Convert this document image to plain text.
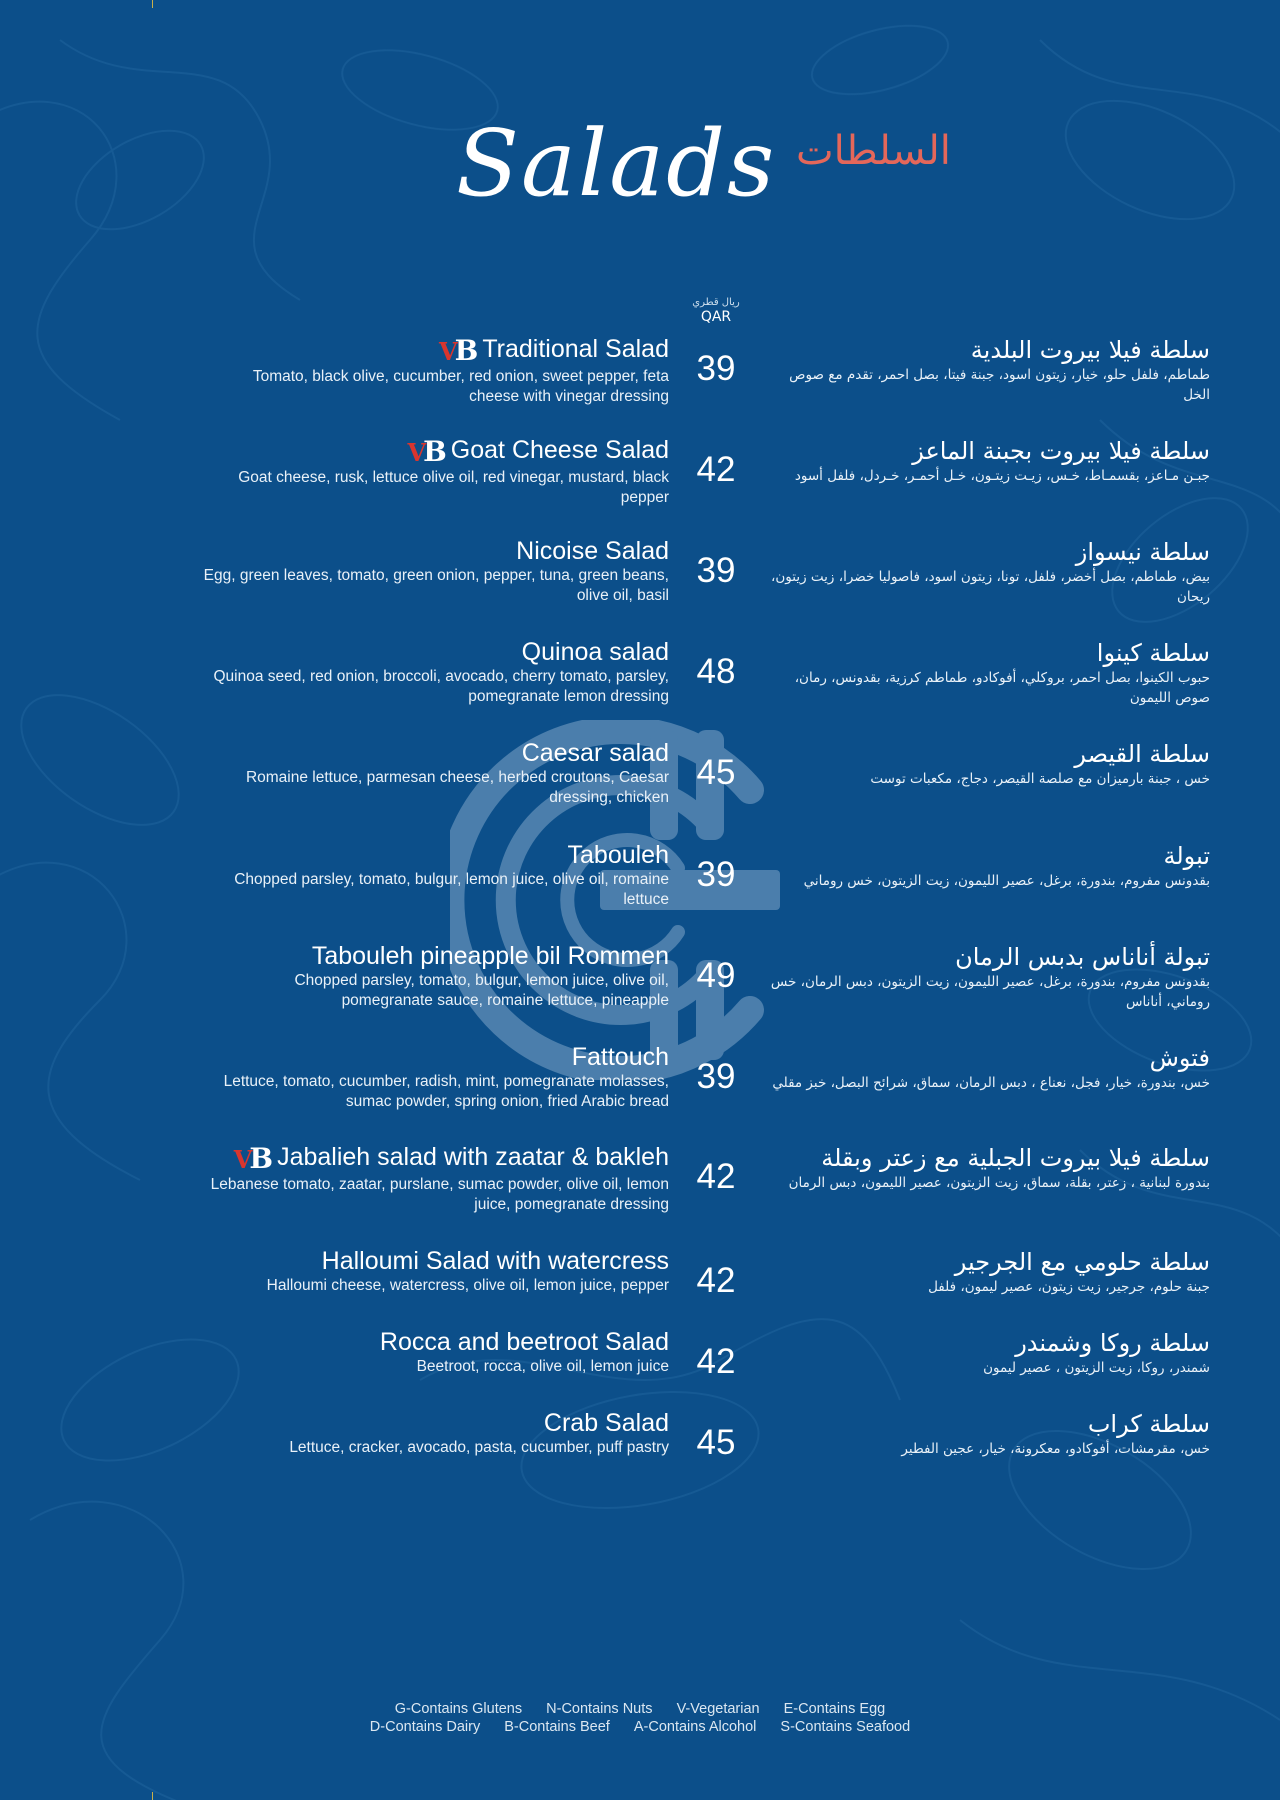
Salads السلطات
ريال قطري
QAR
VB Traditional Salad
Tomato, black olive, cucumber, red onion, sweet pepper, feta cheese with vinegar dressing
39	سلطة فيلا بيروت البلدية
طماطم، فلفل حلو، خيار، زيتون اسود، جبنة فيتا، بصل احمر، تقدم مع صوص الخل
VB Goat Cheese Salad
Goat cheese, rusk, lettuce olive oil, red vinegar, mustard, black pepper
42	سلطة فيلا بيروت بجبنة الماعز
جبـن مـاعز، بقسمـاط، خـس، زيـت زيتـون، خـل أحمـر، خـردل، فلفل أسود
Nicoise Salad
Egg, green leaves, tomato, green onion, pepper, tuna, green beans, olive oil, basil
39	سلطة نيسواز
بيض، طماطم، بصل أخضر، فلفل، تونا، زيتون اسود، فاصوليا خضرا، زيت زيتون، ريحان
Quinoa salad
Quinoa seed, red onion, broccoli, avocado, cherry tomato, parsley, pomegranate lemon dressing
48	سلطة كينوا
حبوب الكينوا، بصل احمر، بروكلي، أفوكادو، طماطم كرزية، بقدونس، رمان، صوص الليمون
Caesar salad
Romaine lettuce, parmesan cheese, herbed croutons, Caesar dressing, chicken
45	سلطة القيصر
خس ، جبنة بارميزان مع صلصة القيصر، دجاج، مكعبات توست
Tabouleh
Chopped parsley, tomato, bulgur, lemon juice, olive oil, romaine lettuce
39	تبولة
بقدونس مفروم، بندورة، برغل، عصير الليمون، زيت الزيتون، خس روماني
Tabouleh pineapple bil Rommen
Chopped parsley, tomato, bulgur, lemon juice, olive oil, pomegranate sauce, romaine lettuce, pineapple
49	تبولة أناناس بدبس الرمان
بقدونس مفروم، بندورة، برغل، عصير الليمون، زيت الزيتون، دبس الرمان، خس روماني، أناناس
Fattouch
Lettuce, tomato, cucumber, radish, mint, pomegranate molasses, sumac powder, spring onion, fried Arabic bread
39	فتوش
خس، بندورة، خيار، فجل، نعناع ، دبس الرمان، سماق، شرائح البصل، خبز مقلي
VB Jabalieh salad with zaatar & bakleh
Lebanese tomato, zaatar, purslane, sumac powder, olive oil, lemon juice, pomegranate dressing
42	سلطة فيلا بيروت الجبلية مع زعتر وبقلة
بندورة لبنانية ، زعتر، بقلة، سماق، زيت الزيتون، عصير الليمون، دبس الرمان
Halloumi Salad with watercress
Halloumi cheese, watercress, olive oil, lemon juice, pepper 42	سلطة حلومي مع الجرجير
جبنة حلوم، جرجير، زيت زيتون، عصير ليمون، فلفل
Rocca and beetroot Salad
Beetroot, rocca, olive oil, lemon juice 42	سلطة روكا وشمندر
شمندر، روكا، زيت الزيتون ، عصير ليمون
Crab Salad
Lettuce, cracker, avocado, pasta, cucumber, puff pastry 45	سلطة كراب
خس، مقرمشات، أفوكادو، معكرونة، خيار، عجين الفطير
G-Contains Glutens N-Contains Nuts V-Vegetarian E-Contains Egg
D-Contains Dairy B-Contains Beef A-Contains Alcohol S-Contains Seafood
